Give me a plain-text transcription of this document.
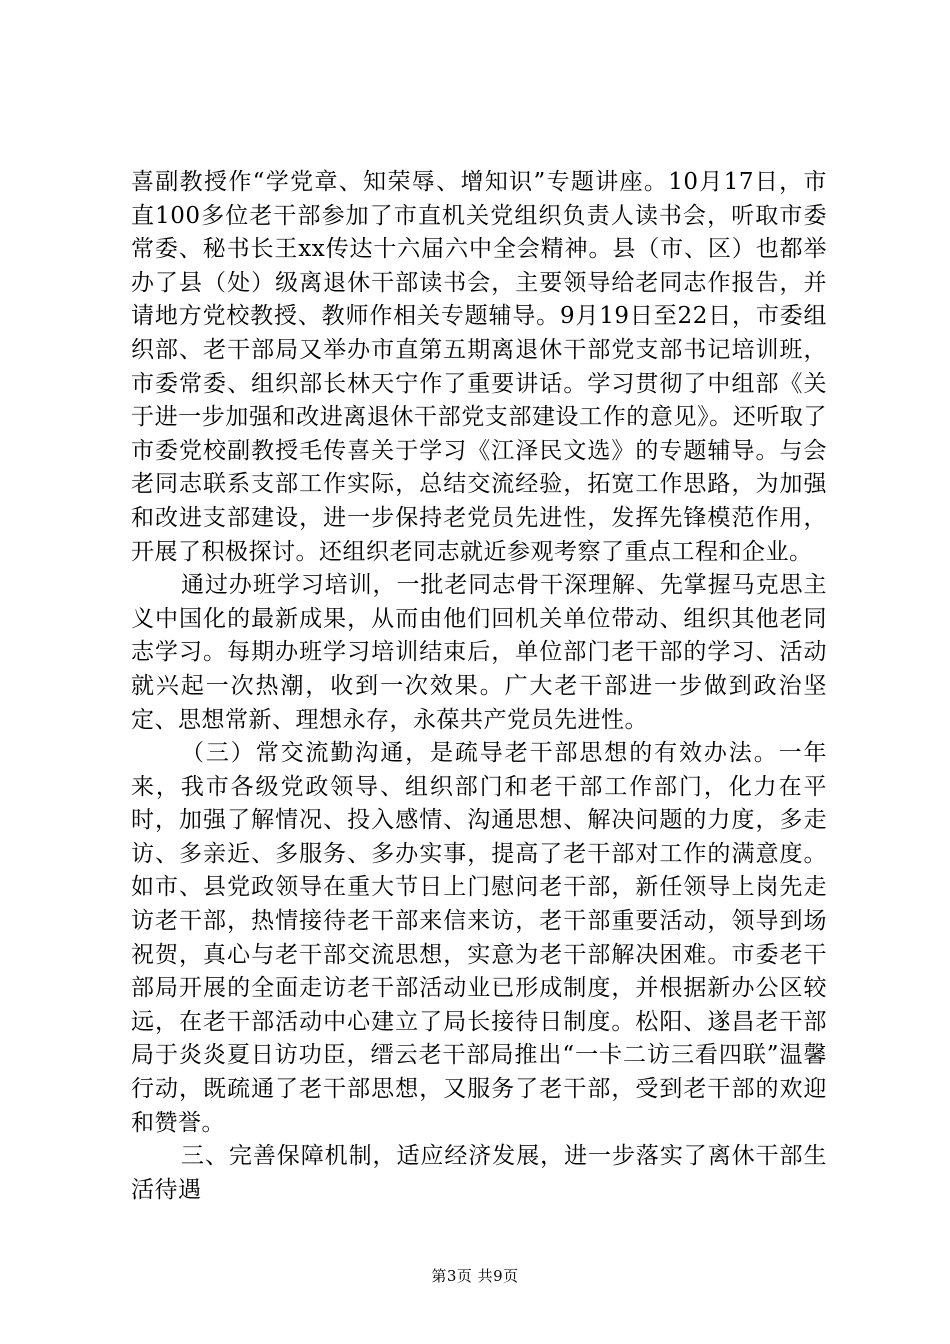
喜副教授作“学党章、知荣辱、增知识”专题讲座。10月17日，市直100多位老干部参加了市直机关党组织负责人读书会，听取市委常委、秘书长王xx传达十六届六中全会精神。县（市、区）也都举办了县（处）级离退休干部读书会，主要领导给老同志作报告，并请地方党校教授、教师作相关专题辅导。9月19日至22日，市委组织部、老干部局又举办市直第五期离退休干部党支部书记培训班，市委常委、组织部长林天宁作了重要讲话。学习贯彻了中组部《关于进一步加强和改进离退休干部党支部建设工作的意见》。还听取了市委党校副教授毛传喜关于学习《江泽民文选》的专题辅导。与会老同志联系支部工作实际，总结交流经验，拓宽工作思路，为加强和改进支部建设，进一步保持老党员先进性，发挥先锋模范作用，开展了积极探讨。还组织老同志就近参观考察了重点工程和企业。

通过办班学习培训，一批老同志骨干深理解、先掌握马克思主义中国化的最新成果，从而由他们回机关单位带动、组织其他老同志学习。每期办班学习培训结束后，单位部门老干部的学习、活动就兴起一次热潮，收到一次效果。广大老干部进一步做到政治坚定、思想常新、理想永存，永葆共产党员先进性。

（三）常交流勤沟通，是疏导老干部思想的有效办法。一年来，我市各级党政领导、组织部门和老干部工作部门，化力在平时，加强了解情况、投入感情、沟通思想、解决问题的力度，多走访、多亲近、多服务、多办实事，提高了老干部对工作的满意度。如市、县党政领导在重大节日上门慰问老干部，新任领导上岗先走访老干部，热情接待老干部来信来访，老干部重要活动，领导到场祝贺，真心与老干部交流思想，实意为老干部解决困难。市委老干部局开展的全面走访老干部活动业已形成制度，并根据新办公区较远，在老干部活动中心建立了局长接待日制度。松阳、遂昌老干部局于炎炎夏日访功臣，缙云老干部局推出“一卡二访三看四联”温馨行动，既疏通了老干部思想，又服务了老干部，受到老干部的欢迎和赞誉。

三、完善保障机制，适应经济发展，进一步落实了离休干部生活待遇

第3页 共9页
